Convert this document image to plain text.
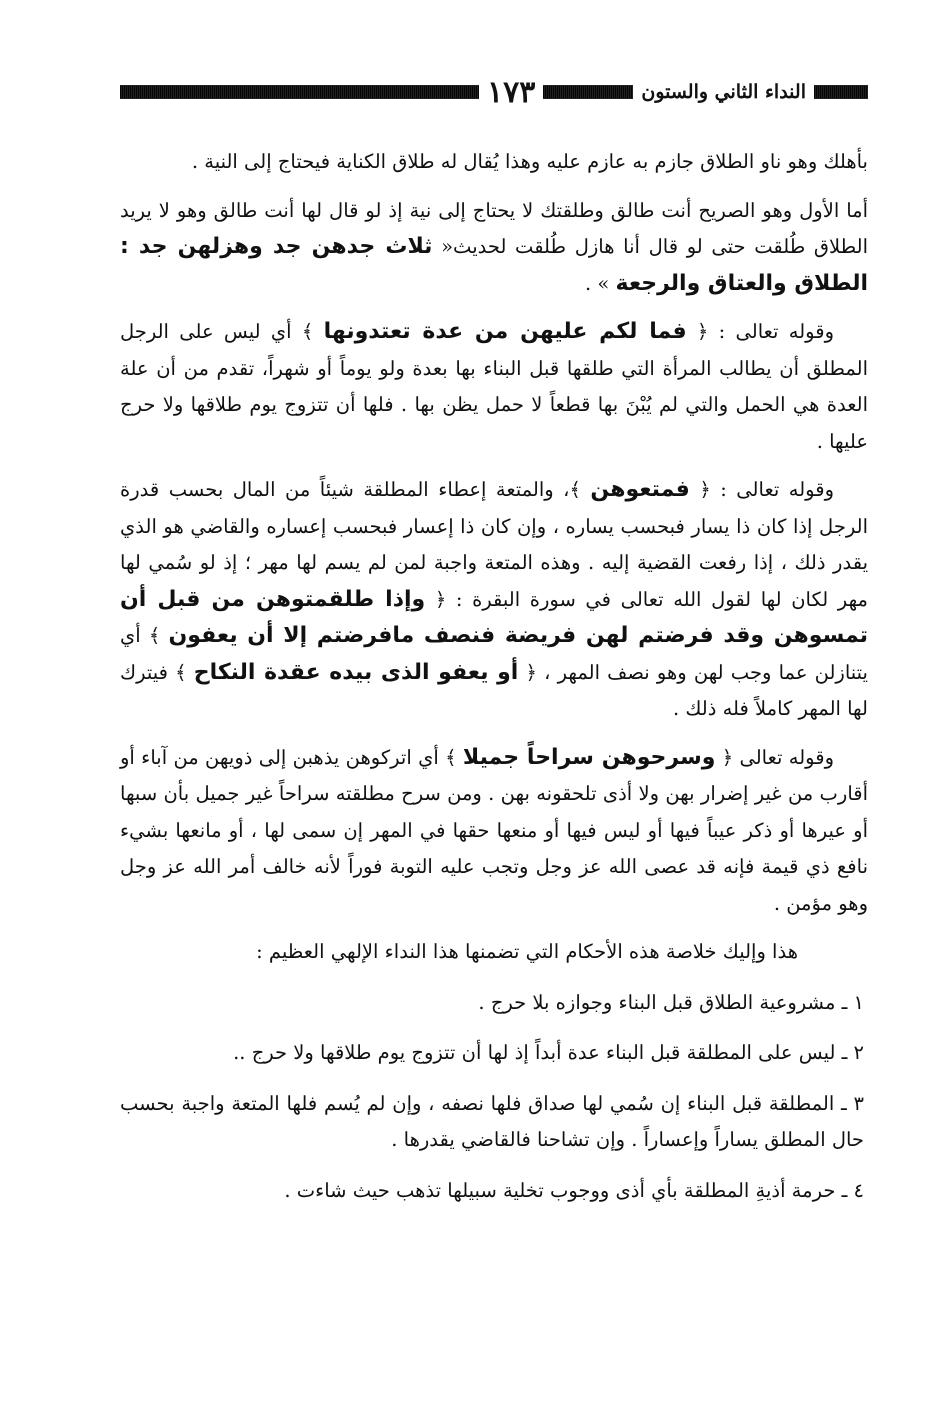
النداء الثاني والستون
١٧٣

بأهلك وهو ناو الطلاق جازم به عازم عليه وهذا يُقال له طلاق الكناية فيحتاج إلى النية .

أما الأول وهو الصريح أنت طالق وطلقتك لا يحتاج إلى نية إذ لو قال لها أنت طالق وهو لا يريد الطلاق طُلقت حتى لو قال أنا هازل طُلقت لحديث« ثلاث جدهن جد وهزلهن جد : الطلاق والعتاق والرجعة » .

وقوله تعالى : ﴿ فما لكم عليهن من عدة تعتدونها ﴾ أي ليس على الرجل المطلق أن يطالب المرأة التي طلقها قبل البناء بها بعدة ولو يوماً أو شهراً، تقدم من أن علة العدة هي الحمل والتي لم يُبْنَ بها قطعاً لا حمل يظن بها . فلها أن تتزوج يوم طلاقها ولا حرج عليها .

وقوله تعالى : ﴿ فمتعوهن ﴾، والمتعة إعطاء المطلقة شيئاً من المال بحسب قدرة الرجل إذا كان ذا يسار فبحسب يساره ، وإن كان ذا إعسار فبحسب إعساره والقاضي هو الذي يقدر ذلك ، إذا رفعت القضية إليه . وهذه المتعة واجبة لمن لم يسم لها مهر ؛ إذ لو سُمي لها مهر لكان لها لقول الله تعالى في سورة البقرة : ﴿ وإذا طلقمتوهن من قبل أن تمسوهن وقد فرضتم لهن فريضة فنصف مافرضتم إلا أن يعفون ﴾ أي يتنازلن عما وجب لهن وهو نصف المهر ، ﴿ أو يعفو الذى بيده عقدة النكاح ﴾ فيترك لها المهر كاملاً فله ذلك .

وقوله تعالى ﴿ وسرحوهن سراحاً جميلا ﴾ أي اتركوهن يذهبن إلى ذويهن من آباء أو أقارب من غير إضرار بهن ولا أذى تلحقونه بهن . ومن سرح مطلقته سراحاً غير جميل بأن سبها أو عيرها أو ذكر عيباً فيها أو ليس فيها أو منعها حقها في المهر إن سمى لها ، أو مانعها بشيء نافع ذي قيمة فإنه قد عصى الله عز وجل وتجب عليه التوبة فوراً لأنه خالف أمر الله عز وجل وهو مؤمن .

هذا وإليك خلاصة هذه الأحكام التي تضمنها هذا النداء الإلهي العظيم :

١ ـ مشروعية الطلاق قبل البناء وجوازه بلا حرج .

٢ ـ ليس على المطلقة قبل البناء عدة أبداً إذ لها أن تتزوج يوم طلاقها ولا حرج ..

٣ ـ المطلقة قبل البناء إن سُمي لها صداق فلها نصفه ، وإن لم يُسم فلها المتعة واجبة بحسب حال المطلق يساراً وإعساراً . وإن تشاحنا فالقاضي يقدرها .

٤ ـ حرمة أذيةِ المطلقة بأي أذى ووجوب تخلية سبيلها تذهب حيث شاءت .
